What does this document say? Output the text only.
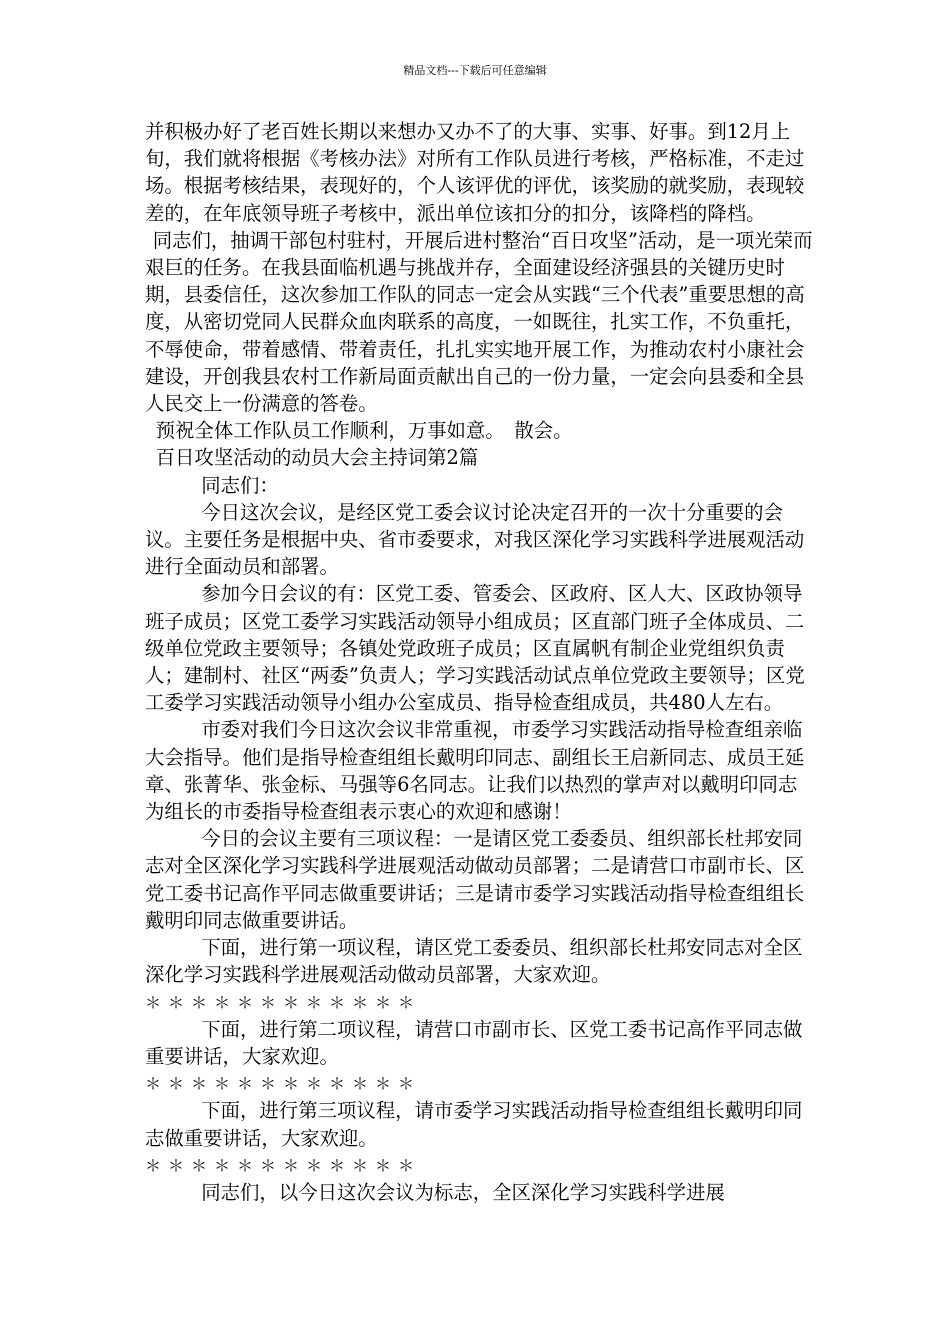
精品文档---下载后可任意编辑

并积极办好了老百姓长期以来想办又办不了的大事、实事、好事。到12月上旬，我们就将根据《考核办法》对所有工作队员进行考核，严格标准，不走过场。根据考核结果，表现好的，个人该评优的评优，该奖励的就奖励，表现较差的，在年底领导班子考核中，派出单位该扣分的扣分，该降档的降档。

同志们，抽调干部包村驻村，开展后进村整治“百日攻坚”活动，是一项光荣而艰巨的任务。在我县面临机遇与挑战并存，全面建设经济强县的关键历史时期，县委信任，这次参加工作队的同志一定会从实践“三个代表”重要思想的高度，从密切党同人民群众血肉联系的高度，一如既往，扎实工作，不负重托，不辱使命，带着感情、带着责任，扎扎实实地开展工作，为推动农村小康社会建设，开创我县农村工作新局面贡献出自己的一份力量，一定会向县委和全县人民交上一份满意的答卷。

预祝全体工作队员工作顺利，万事如意。　散会。

百日攻坚活动的动员大会主持词第2篇

同志们：

今日这次会议，是经区党工委会议讨论决定召开的一次十分重要的会议。主要任务是根据中央、省市委要求，对我区深化学习实践科学进展观活动进行全面动员和部署。

参加今日会议的有：区党工委、管委会、区政府、区人大、区政协领导班子成员；区党工委学习实践活动领导小组成员；区直部门班子全体成员、二级单位党政主要领导；各镇处党政班子成员；区直属帆有制企业党组织负责人；建制村、社区“两委”负责人；学习实践活动试点单位党政主要领导；区党工委学习实践活动领导小组办公室成员、指导检查组成员，共480人左右。

市委对我们今日这次会议非常重视，市委学习实践活动指导检查组亲临大会指导。他们是指导检查组组长戴明印同志、副组长王启新同志、成员王延章、张菁华、张金标、马强等6名同志。让我们以热烈的掌声对以戴明印同志为组长的市委指导检查组表示衷心的欢迎和感谢！

今日的会议主要有三项议程：一是请区党工委委员、组织部长杜邦安同志对全区深化学习实践科学进展观活动做动员部署；二是请营口市副市长、区党工委书记高作平同志做重要讲话；三是请市委学习实践活动指导检查组组长戴明印同志做重要讲话。

下面，进行第一项议程，请区党工委委员、组织部长杜邦安同志对全区深化学习实践科学进展观活动做动员部署，大家欢迎。

＊＊＊＊＊＊＊＊＊＊＊＊

下面，进行第二项议程，请营口市副市长、区党工委书记高作平同志做重要讲话，大家欢迎。

＊＊＊＊＊＊＊＊＊＊＊＊

下面，进行第三项议程，请市委学习实践活动指导检查组组长戴明印同志做重要讲话，大家欢迎。

＊＊＊＊＊＊＊＊＊＊＊＊

同志们，以今日这次会议为标志，全区深化学习实践科学进展
